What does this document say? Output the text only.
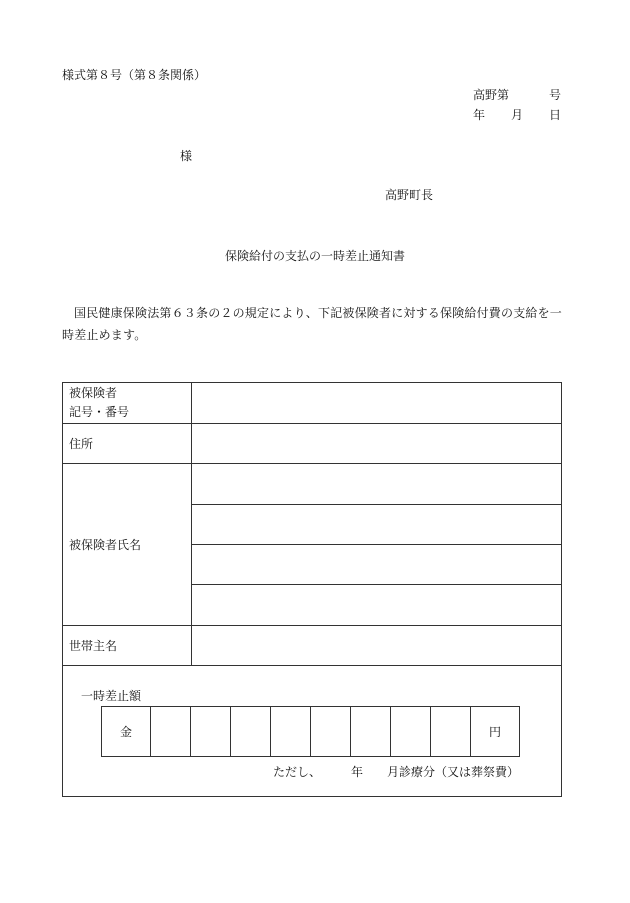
様式第８号（第８条関係）
高野第	号
年 月 日
様
高野町長
保険給付の支払の一時差止通知書
国民健康保険法第６３条の２の規定により、下記被保険者に対する保険給付費の支給を一時差止めます。
被保険者
記号・番号

住所	
被保険者氏名	

世帯主名	

一時差止額
金									円
ただし、　　　年　　月診療分（又は葬祭費）
